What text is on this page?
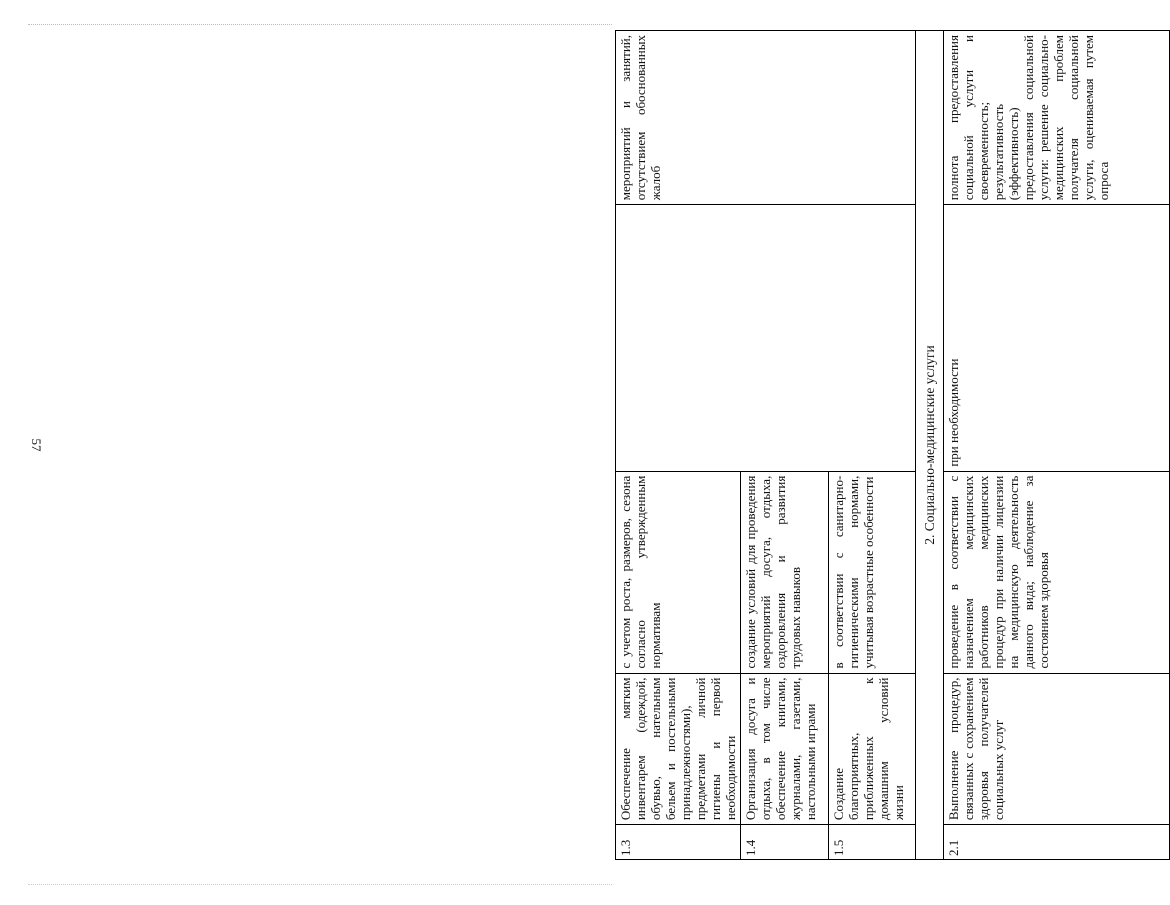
57
1.3	Обеспечение мягким инвентарем (одеждой, обувью, нательным бельем и постельными принадлежностями), предметами личной гигиены и первой необходимости	с учетом роста, размеров, сезона согласно утвержденным нормативам		мероприятий и занятий, отсутствием обоснованных жалоб
1.4	Организация досуга и отдыха, в том числе обеспечение книгами, журналами, газетами, настольными играми	создание условий для проведения мероприятий досуга, отдыха, оздоровления и развития трудовых навыков		
1.5	Создание благоприятных, приближенных к домашним условий жизни	в соответствии с санитарно-гигиеническими нормами, учитывая возрастные особенности		
2. Социально-медицинские услуги				
2.1	Выполнение процедур, связанных с сохранением здоровья получателей социальных услуг	проведение в соответствии с назначением медицинских работников медицинских процедур при наличии лицензии на медицинскую деятельность данного вида; наблюдение за состоянием здоровья	при необходимости	полнота предоставления социальной услуги и своевременность; результативность (эффективность) предоставления социальной услуги: решение социально-медицинских проблем получателя социальной услуги, оцениваемая путем опроса
